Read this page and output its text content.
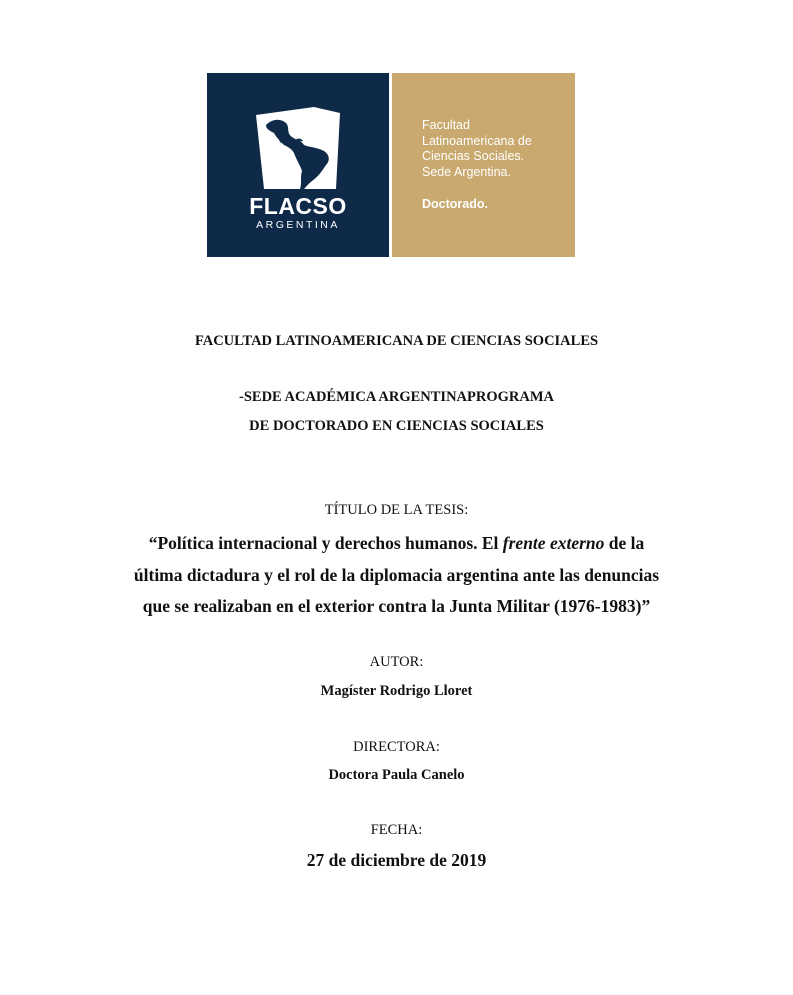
FLACSO
ARGENTINA
Facultad
Latinoamericana de
Ciencias Sociales.
Sede Argentina.
Doctorado.
FACULTAD LATINOAMERICANA DE CIENCIAS SOCIALES
-SEDE ACADÉMICA ARGENTINAPROGRAMA
DE DOCTORADO EN CIENCIAS SOCIALES
TÍTULO DE LA TESIS:
“Política internacional y derechos humanos. El frente externo de la
última dictadura y el rol de la diplomacia argentina ante las denuncias
que se realizaban en el exterior contra la Junta Militar (1976-1983)”
AUTOR:
Magíster Rodrigo Lloret
DIRECTORA:
Doctora Paula Canelo
FECHA:
27 de diciembre de 2019
